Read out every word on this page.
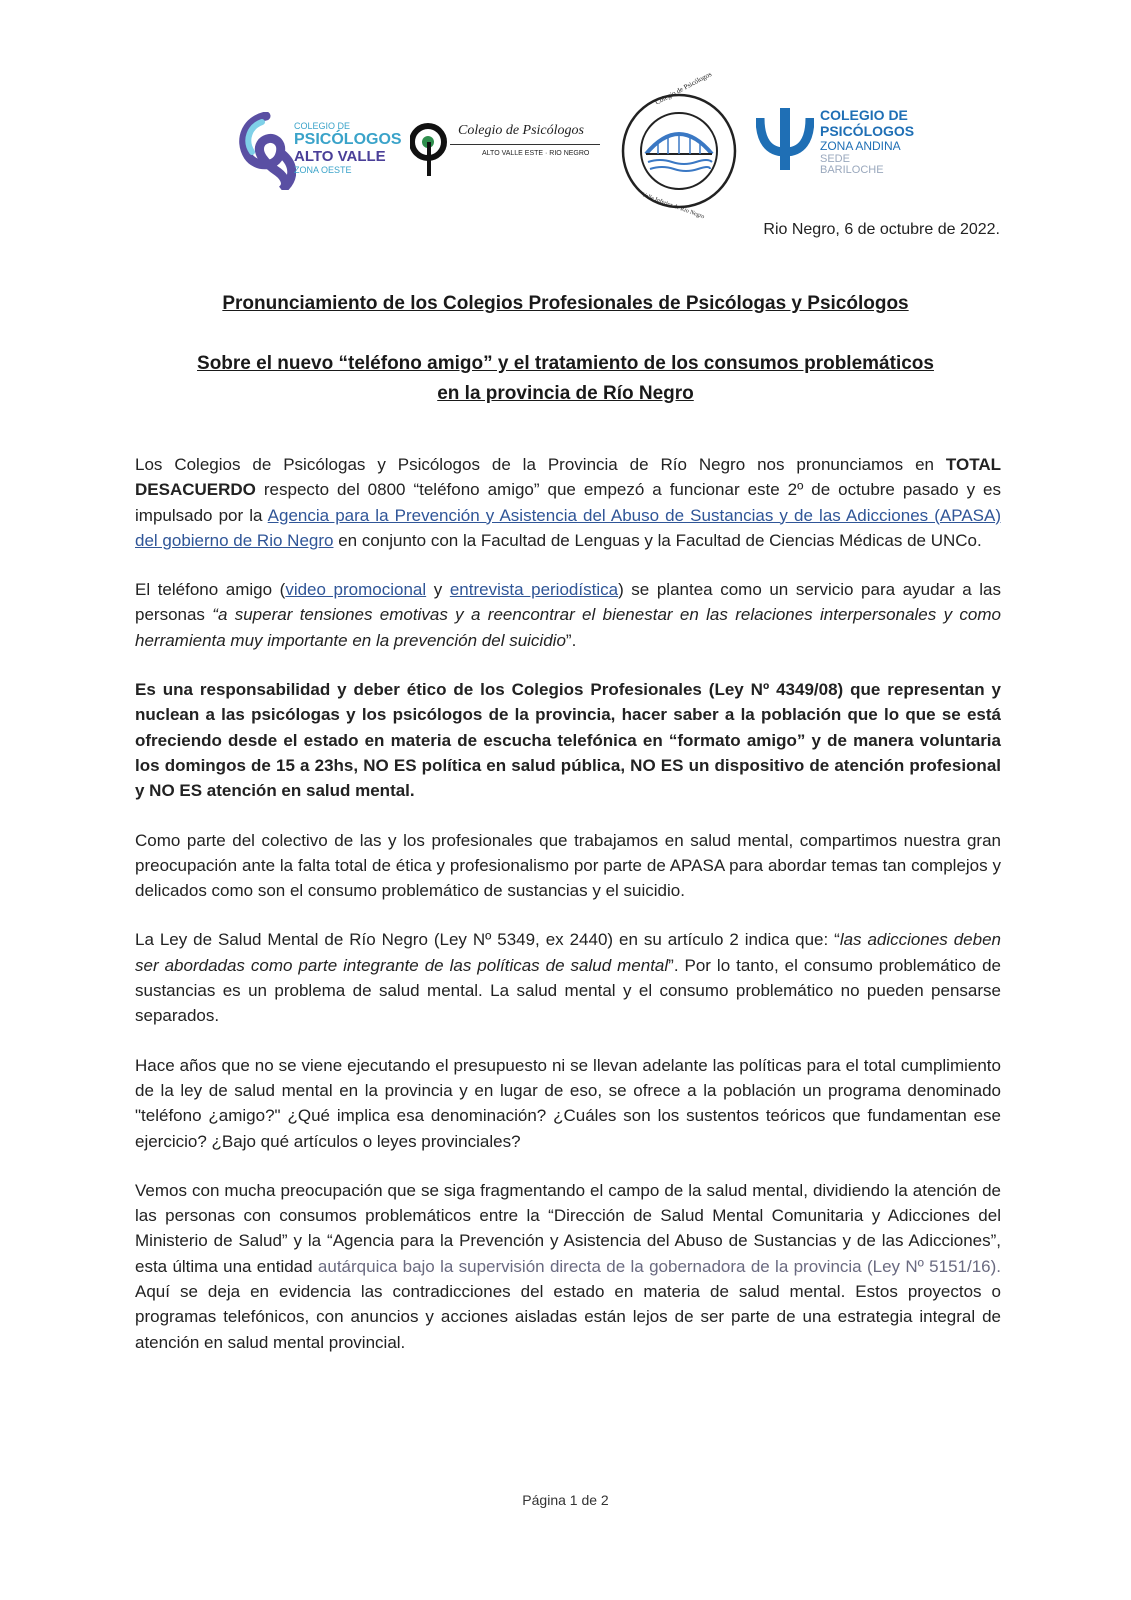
COLEGIO DE
PSICÓLOGOS
ALTO VALLE
ZONA OESTE
Colegio de Psicólogos
ALTO VALLE ESTE · RIO NEGRO
Colegio de Psicólogos
Valle Inferior de Río Negro
COLEGIO DE
PSICÓLOGOS
ZONA ANDINA
SEDE BARILOCHE
Rio Negro, 6 de octubre de 2022.
Pronunciamiento de los Colegios Profesionales de Psicólogas y Psicólogos
Sobre el nuevo “teléfono amigo” y el tratamiento de los consumos problemáticos
en la provincia de Río Negro

Los Colegios de Psicólogas y Psicólogos de la Provincia de Río Negro nos pronunciamos en TOTAL DESACUERDO respecto del 0800 “teléfono amigo” que empezó a funcionar este 2º de octubre pasado y es impulsado por la Agencia para la Prevención y Asistencia del Abuso de Sustancias y de las Adicciones (APASA) del gobierno de Rio Negro en conjunto con la Facultad de Lenguas y la Facultad de Ciencias Médicas de UNCo.

El teléfono amigo (video promocional y entrevista periodística) se plantea como un servicio para ayudar a las personas “a superar tensiones emotivas y a reencontrar el bienestar en las relaciones interpersonales y como herramienta muy importante en la prevención del suicidio”.

Es una responsabilidad y deber ético de los Colegios Profesionales (Ley Nº 4349/08) que representan y nuclean a las psicólogas y los psicólogos de la provincia, hacer saber a la población que lo que se está ofreciendo desde el estado en materia de escucha telefónica en “formato amigo” y de manera voluntaria los domingos de 15 a 23hs, NO ES política en salud pública, NO ES un dispositivo de atención profesional y NO ES atención en salud mental.

Como parte del colectivo de las y los profesionales que trabajamos en salud mental, compartimos nuestra gran preocupación ante la falta total de ética y profesionalismo por parte de APASA para abordar temas tan complejos y delicados como son el consumo problemático de sustancias y el suicidio.

La Ley de Salud Mental de Río Negro (Ley Nº 5349, ex 2440) en su artículo 2 indica que: “las adicciones deben ser abordadas como parte integrante de las políticas de salud mental”. Por lo tanto, el consumo problemático de sustancias es un problema de salud mental. La salud mental y el consumo problemático no pueden pensarse separados.

Hace años que no se viene ejecutando el presupuesto ni se llevan adelante las políticas para el total cumplimiento de la ley de salud mental en la provincia y en lugar de eso, se ofrece a la población un programa denominado "teléfono ¿amigo?" ¿Qué implica esa denominación? ¿Cuáles son los sustentos teóricos que fundamentan ese ejercicio? ¿Bajo qué artículos o leyes provinciales?

Vemos con mucha preocupación que se siga fragmentando el campo de la salud mental, dividiendo la atención de las personas con consumos problemáticos entre la “Dirección de Salud Mental Comunitaria y Adicciones del Ministerio de Salud” y la “Agencia para la Prevención y Asistencia del Abuso de Sustancias y de las Adicciones”, esta última una entidad autárquica bajo la supervisión directa de la gobernadora de la provincia (Ley Nº 5151/16). Aquí se deja en evidencia las contradicciones del estado en materia de salud mental. Estos proyectos o programas telefónicos, con anuncios y acciones aisladas están lejos de ser parte de una estrategia integral de atención en salud mental provincial.

Página 1 de 2
